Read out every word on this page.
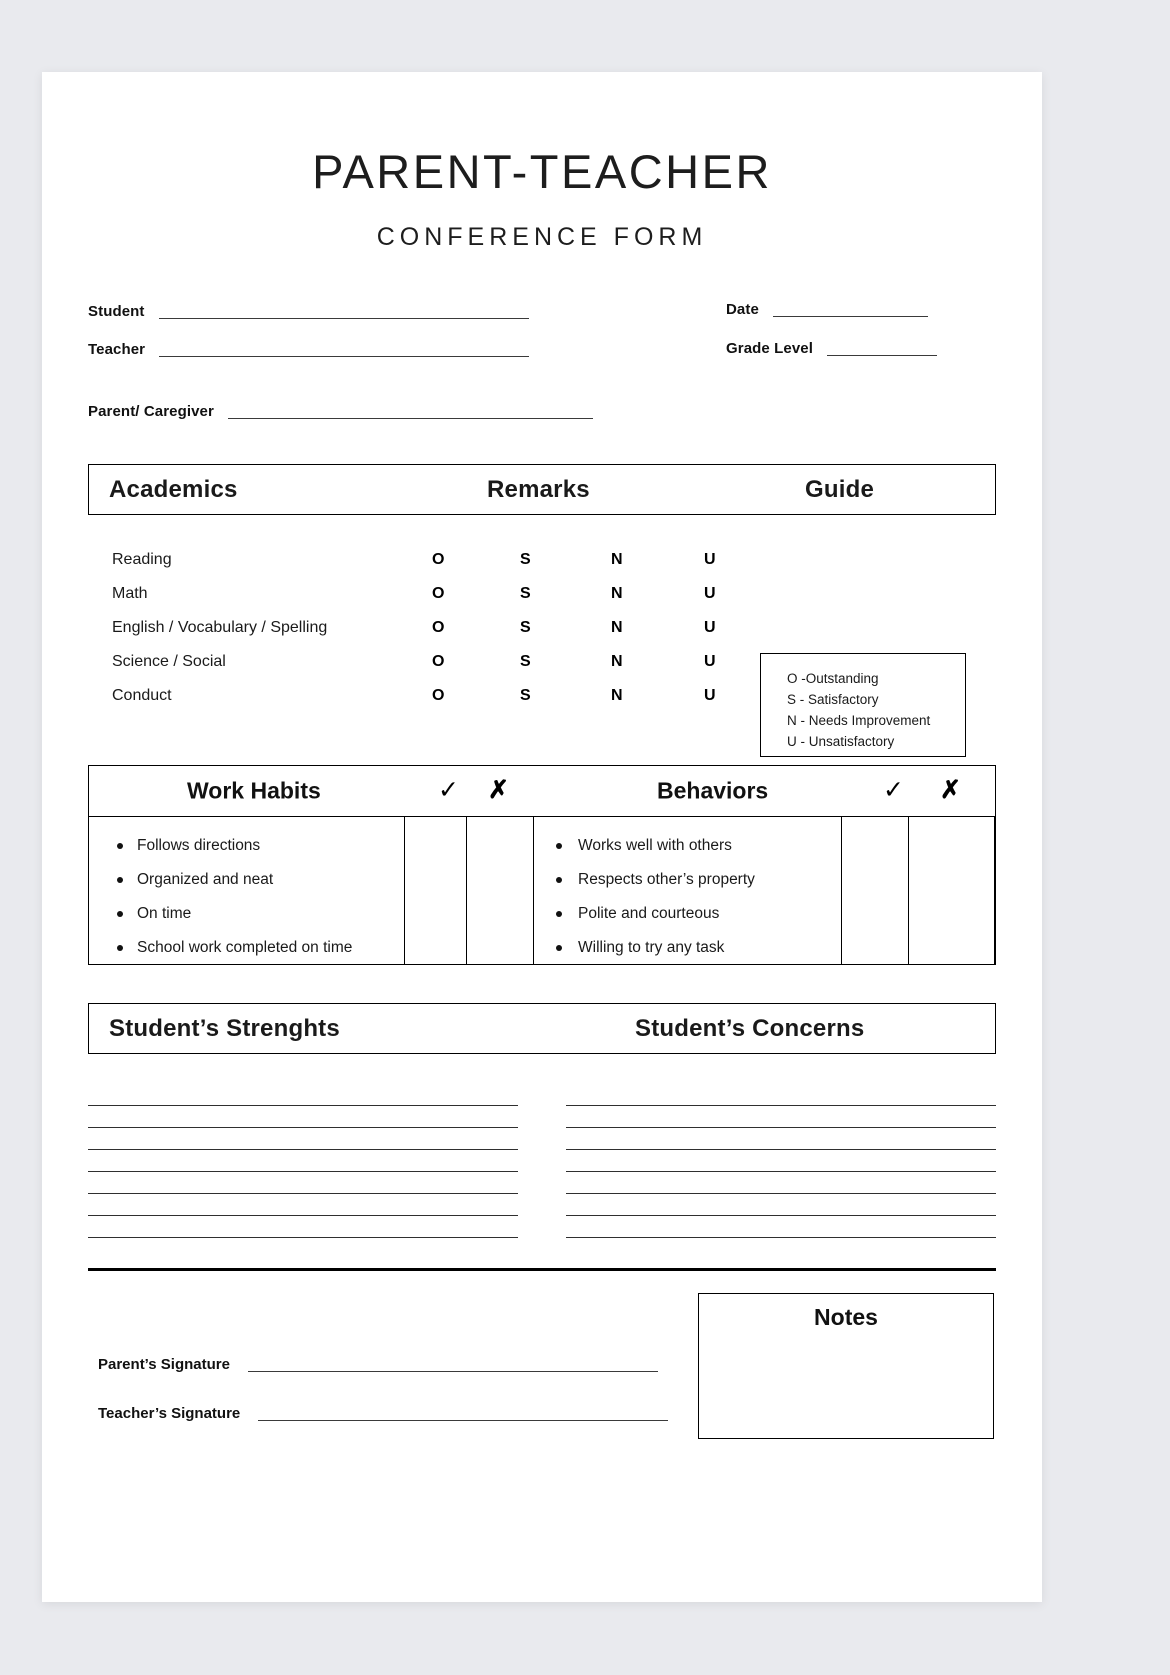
PARENT-TEACHER
CONFERENCE FORM
Student
Teacher
Parent/ Caregiver
Date
Grade Level
Academics	Remarks	Guide
Reading	O	S	N	U
Math	O	S	N	U
English / Vocabulary / Spelling	O	S	N	U
Science / Social	O	S	N	U
Conduct	O	S	N	U
O -Outstanding
S - Satisfactory
N - Needs Improvement
U - Unsatisfactory
Work Habits	✓ ✗	Behaviors	✓ ✗
Follows directions
Organized and neat
On time
School work completed on time
Works well with others
Respects other’s property
Polite and courteous
Willing to try any task
Student’s Strenghts	Student’s Concerns
Parent’s Signature
Teacher’s Signature
Notes
